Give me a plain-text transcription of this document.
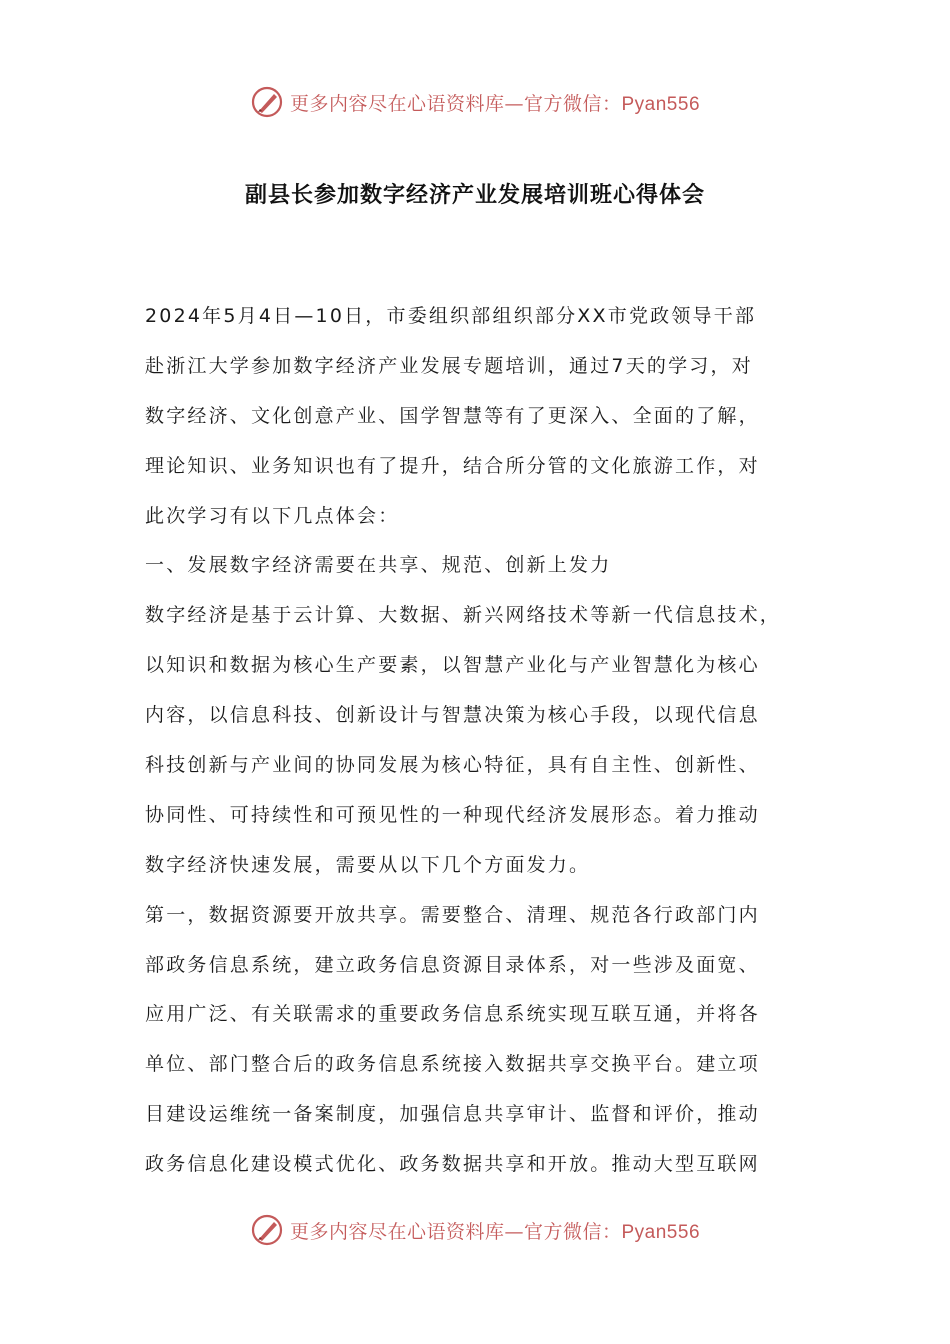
更多内容尽在心语资料库—官方微信：Pyan556
副县长参加数字经济产业发展培训班心得体会
2024年5月4日—10日，市委组织部组织部分XX市党政领导干部
赴浙江大学参加数字经济产业发展专题培训，通过7天的学习，对
数字经济、文化创意产业、国学智慧等有了更深入、全面的了解，
理论知识、业务知识也有了提升，结合所分管的文化旅游工作，对
此次学习有以下几点体会：
一、发展数字经济需要在共享、规范、创新上发力
数字经济是基于云计算、大数据、新兴网络技术等新一代信息技术，
以知识和数据为核心生产要素，以智慧产业化与产业智慧化为核心
内容，以信息科技、创新设计与智慧决策为核心手段，以现代信息
科技创新与产业间的协同发展为核心特征，具有自主性、创新性、
协同性、可持续性和可预见性的一种现代经济发展形态。着力推动
数字经济快速发展，需要从以下几个方面发力。
第一，数据资源要开放共享。需要整合、清理、规范各行政部门内
部政务信息系统，建立政务信息资源目录体系，对一些涉及面宽、
应用广泛、有关联需求的重要政务信息系统实现互联互通，并将各
单位、部门整合后的政务信息系统接入数据共享交换平台。建立项
目建设运维统一备案制度，加强信息共享审计、监督和评价，推动
政务信息化建设模式优化、政务数据共享和开放。推动大型互联网
更多内容尽在心语资料库—官方微信：Pyan556
